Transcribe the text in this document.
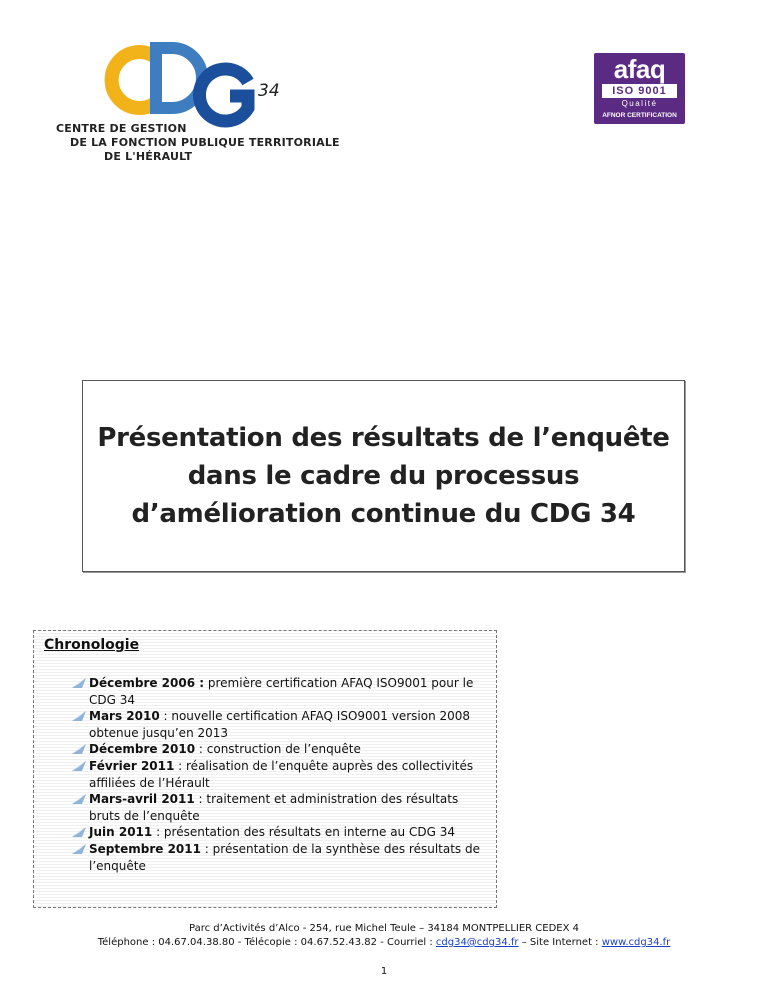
34
CENTRE DE GESTION
DE LA FONCTION PUBLIQUE TERRITORIALE
DE L'HÉRAULT
afaq
ISO 9001
Qualité
AFNOR CERTIFICATION
Présentation des résultats de l’enquête
dans le cadre du processus
d’amélioration continue du CDG 34
Chronologie
Décembre 2006 : première certification AFAQ ISO9001 pour le CDG 34
Mars 2010 : nouvelle certification AFAQ ISO9001 version 2008 obtenue jusqu’en 2013
Décembre 2010 : construction de l’enquête
Février 2011 : réalisation de l’enquête auprès des collectivités affiliées de l’Hérault
Mars-avril 2011 : traitement et administration des résultats bruts de l’enquête
Juin 2011 : présentation des résultats en interne au CDG 34
Septembre 2011 : présentation de la synthèse des résultats de l’enquête
Parc d’Activités d’Alco - 254, rue Michel Teule – 34184 MONTPELLIER CEDEX 4
Téléphone : 04.67.04.38.80 - Télécopie : 04.67.52.43.82 - Courriel : cdg34@cdg34.fr – Site Internet : www.cdg34.fr
1
